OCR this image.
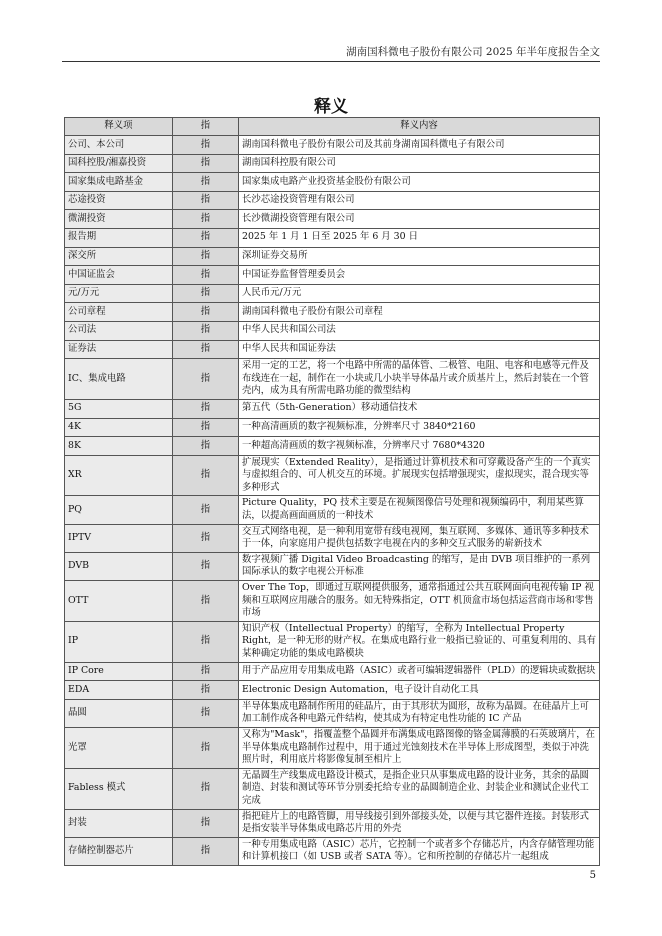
湖南国科微电子股份有限公司 2025 年半年度报告全文
释义
释义项	指	释义内容
公司、本公司	指	湖南国科微电子股份有限公司及其前身湖南国科微电子有限公司
国科控股/湘嘉投资	指	湖南国科控股有限公司
国家集成电路基金	指	国家集成电路产业投资基金股份有限公司
芯途投资	指	长沙芯途投资管理有限公司
微湖投资	指	长沙微湖投资管理有限公司
报告期	指	2025 年 1 月 1 日至 2025 年 6 月 30 日
深交所	指	深圳证券交易所
中国证监会	指	中国证券监督管理委员会
元/万元	指	人民币元/万元
公司章程	指	湖南国科微电子股份有限公司章程
公司法	指	中华人民共和国公司法
证券法	指	中华人民共和国证券法
IC、集成电路	指	采用一定的工艺，将一个电路中所需的晶体管、二极管、电阻、电容和电感等元件及布线连在一起，制作在一小块或几小块半导体晶片或介质基片上，然后封装在一个管壳内，成为具有所需电路功能的微型结构
5G	指	第五代（5th-Generation）移动通信技术
4K	指	一种高清画质的数字视频标准，分辨率尺寸 3840*2160
8K	指	一种超高清画质的数字视频标准，分辨率尺寸 7680*4320
XR	指	扩展现实（Extended Reality），是指通过计算机技术和可穿戴设备产生的一个真实与虚拟组合的、可人机交互的环境。扩展现实包括增强现实，虚拟现实，混合现实等多种形式
PQ	指	Picture Quality，PQ 技术主要是在视频图像信号处理和视频编码中，利用某些算法，以提高画面画质的一种技术
IPTV	指	交互式网络电视，是一种利用宽带有线电视网，集互联网、多媒体、通讯等多种技术于一体，向家庭用户提供包括数字电视在内的多种交互式服务的崭新技术
DVB	指	数字视频广播 Digital Video Broadcasting 的缩写，是由 DVB 项目维护的一系列国际承认的数字电视公开标准
OTT	指	Over The Top，即通过互联网提供服务，通常指通过公共互联网面向电视传输 IP 视频和互联网应用融合的服务。如无特殊指定，OTT 机顶盒市场包括运营商市场和零售市场
IP	指	知识产权（Intellectual Property）的缩写，全称为 Intellectual Property Right，是一种无形的财产权。在集成电路行业一般指已验证的、可重复利用的、具有某种确定功能的集成电路模块
IP Core	指	用于产品应用专用集成电路（ASIC）或者可编辑逻辑器件（PLD）的逻辑块或数据块
EDA	指	Electronic Design Automation，电子设计自动化工具
晶圆	指	半导体集成电路制作所用的硅晶片，由于其形状为圆形，故称为晶圆。在硅晶片上可加工制作成各种电路元件结构，使其成为有特定电性功能的 IC 产品
光罩	指	又称为"Mask"，指覆盖整个晶圆并布满集成电路图像的铬金属薄膜的石英玻璃片，在半导体集成电路制作过程中，用于通过光蚀刻技术在半导体上形成图型，类似于冲洗照片时，利用底片将影像复制至相片上
Fabless 模式	指	无晶圆生产线集成电路设计模式，是指企业只从事集成电路的设计业务，其余的晶圆制造、封装和测试等环节分别委托给专业的晶圆制造企业、封装企业和测试企业代工完成
封装	指	指把硅片上的电路管脚，用导线接引到外部接头处，以便与其它器件连接。封装形式是指安装半导体集成电路芯片用的外壳
存储控制器芯片	指	一种专用集成电路（ASIC）芯片，它控制一个或者多个存储芯片，内含存储管理功能和计算机接口（如 USB 或者 SATA 等）。它和所控制的存储芯片一起组成
5
